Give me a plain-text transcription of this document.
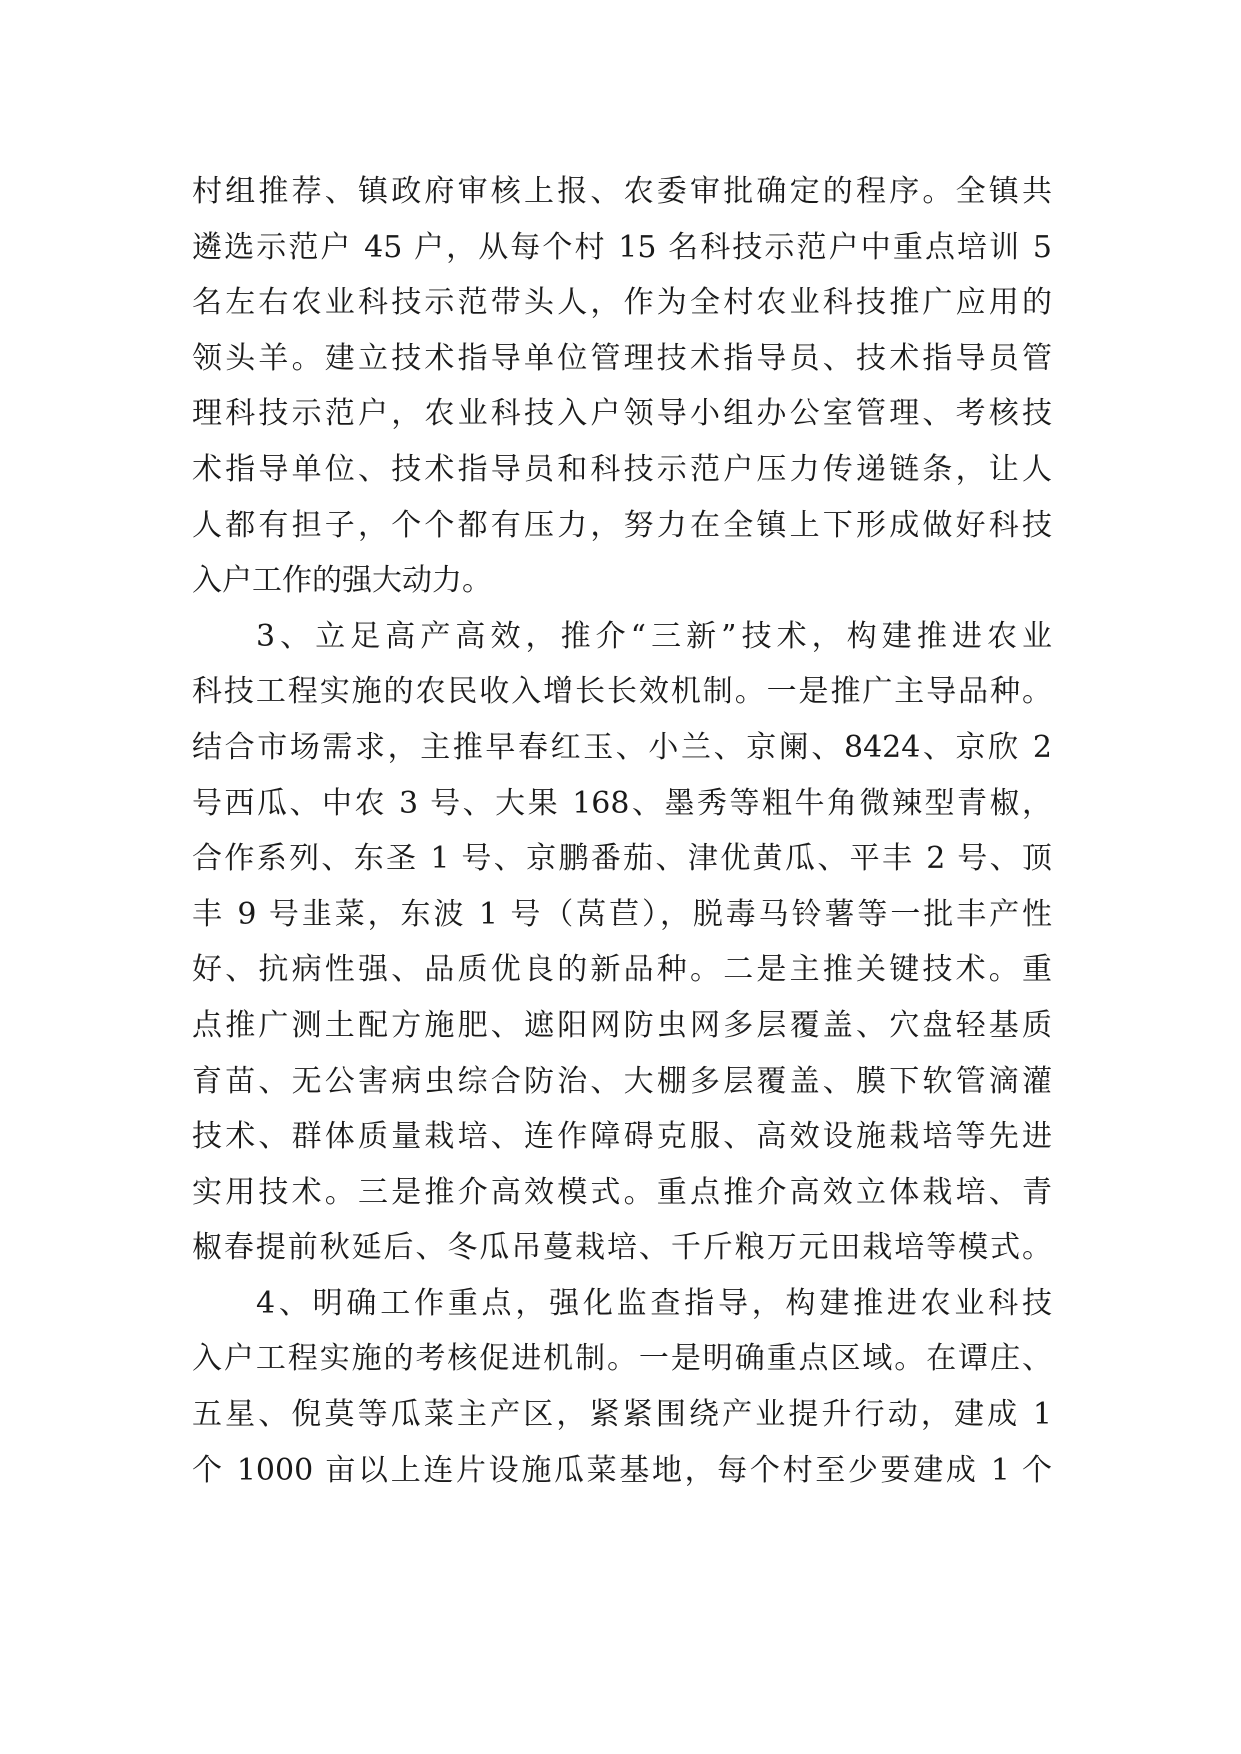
村组推荐、镇政府审核上报、农委审批确定的程序。全镇共
遴选示范户 45 户，从每个村 15 名科技示范户中重点培训 5
名左右农业科技示范带头人，作为全村农业科技推广应用的
领头羊。建立技术指导单位管理技术指导员、技术指导员管
理科技示范户，农业科技入户领导小组办公室管理、考核技
术指导单位、技术指导员和科技示范户压力传递链条，让人
人都有担子，个个都有压力，努力在全镇上下形成做好科技
入户工作的强大动力。
3、立足高产高效，推介“三新”技术，构建推进农业
科技工程实施的农民收入增长长效机制。一是推广主导品种。
结合市场需求，主推早春红玉、小兰、京阑、8424、京欣 2
号西瓜、中农 3 号、大果 168、墨秀等粗牛角微辣型青椒，
合作系列、东圣 1 号、京鹏番茄、津优黄瓜、平丰 2 号、顶
丰 9 号韭菜，东波 1 号（莴苣），脱毒马铃薯等一批丰产性
好、抗病性强、品质优良的新品种。二是主推关键技术。重
点推广测土配方施肥、遮阳网防虫网多层覆盖、穴盘轻基质
育苗、无公害病虫综合防治、大棚多层覆盖、膜下软管滴灌
技术、群体质量栽培、连作障碍克服、高效设施栽培等先进
实用技术。三是推介高效模式。重点推介高效立体栽培、青
椒春提前秋延后、冬瓜吊蔓栽培、千斤粮万元田栽培等模式。
4、明确工作重点，强化监查指导，构建推进农业科技
入户工程实施的考核促进机制。一是明确重点区域。在谭庄、
五星、倪莫等瓜菜主产区，紧紧围绕产业提升行动，建成 1
个 1000 亩以上连片设施瓜菜基地，每个村至少要建成 1 个
